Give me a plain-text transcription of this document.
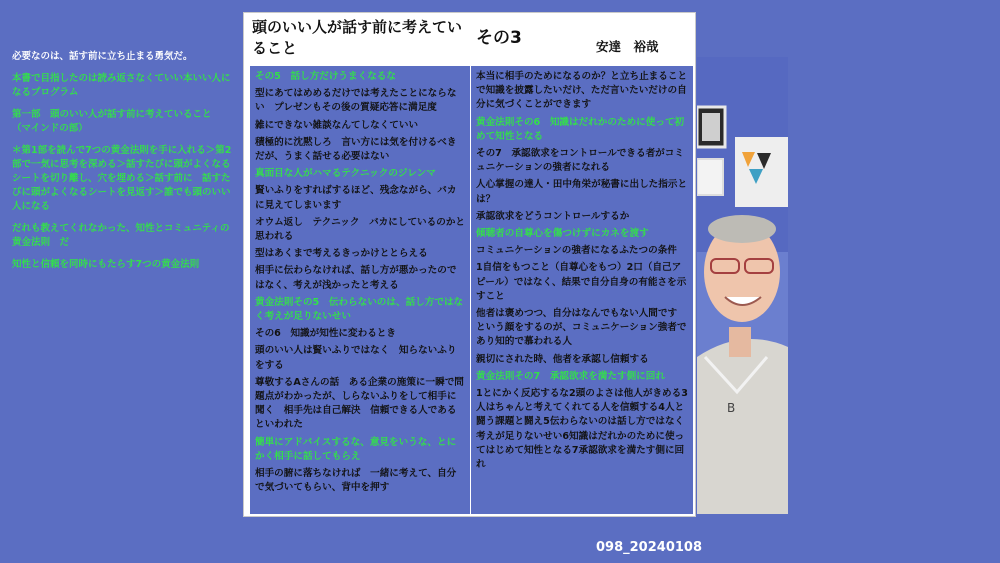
必要なのは、話す前に立ち止まる勇気だ。

本書で目指したのは読み返さなくていい本いい人になるプログラム

第一部　頭のいい人が話す前に考えていること　（マインドの部）

＊第1部を読んで7つの黄金法則を手に入れる＞第2部で一気に思考を深める＞話すたびに頭がよくなるシートを切り離し、穴を埋める＞話す前に　話すたびに頭がよくなるシートを見返す＞誰でも頭のいい人になる

だれも教えてくれなかった、知性とコミュニティの　黄金法則　だ

知性と信頼を同時にもたらす7つの黄金法則

頭のいい人が話す前に考えていること	その3	安達　裕哉

その5　話し方だけうまくなるな

型にあてはめめるだけでは考えたことにならない　プレゼンもその後の質疑応答に満足度

雑にできない雑談なんてしなくていい

積極的に沈黙しろ　言い方には気を付けるべきだが、うまく話せる必要はない

真面目な人がハマるテクニックのジレンマ

賢いふりをすればするほど、残念ながら、バカに見えてしまいます

オウム返し　テクニック　バカにしているのかと思われる

型はあくまで考えるきっかけととらえる

相手に伝わらなければ、話し方が悪かったのではなく、考えが浅かったと考える

黄金法則その5　伝わらないのは、話し方ではなく考えが足りないせい

その6　知識が知性に変わるとき

頭のいい人は賢いふりではなく　知らないふりをする

尊敬するAさんの話　ある企業の施策に一瞬で問題点がわかったが、しらないふりをして相手に聞く　相手先は自己解決　信頼できる人であるといわれた

簡単にアドバイスするな、意見をいうな、とにかく相手に話してもらえ

相手の腑に落ちなければ　一緒に考えて、自分で気づいてもらい、背中を押す

本当に相手のためになるのか？と立ち止まることで知識を披露したいだけ、ただ言いたいだけの自分に気づくことができます

黄金法則その6　知識はだれかのために使って初めて知性となる

その7　承認欲求をコントロールできる者がコミュニケーションの強者になれる

人心掌握の達人・田中角栄が秘書に出した指示とは？

承認欲求をどうコントロールするか

傾聴者の自尊心を傷つけずにカネを渡す

コミュニケーションの強者になるふたつの条件

1自信をもつこと（自尊心をもつ）2口（自己アピール）ではなく、結果で自分自身の有能さを示すこと

他者は褒めつつ、自分はなんでもない人間です　という顔をするのが、コミュニケーション強者であり知的で慕われる人

親切にされた時、他者を承認し信頼する

黄金法則その7　承認欲求を満たす側に回れ

1とにかく反応するな2頭のよさは他人がきめる3人はちゃんと考えてくれてる人を信頼する4人と闘う課題と闘え5伝わらないのは話し方ではなく考えが足りないせい6知識はだれかのために使ってはじめて知性となる7承認欲求を満たす側に回れ

B
098_20240108
